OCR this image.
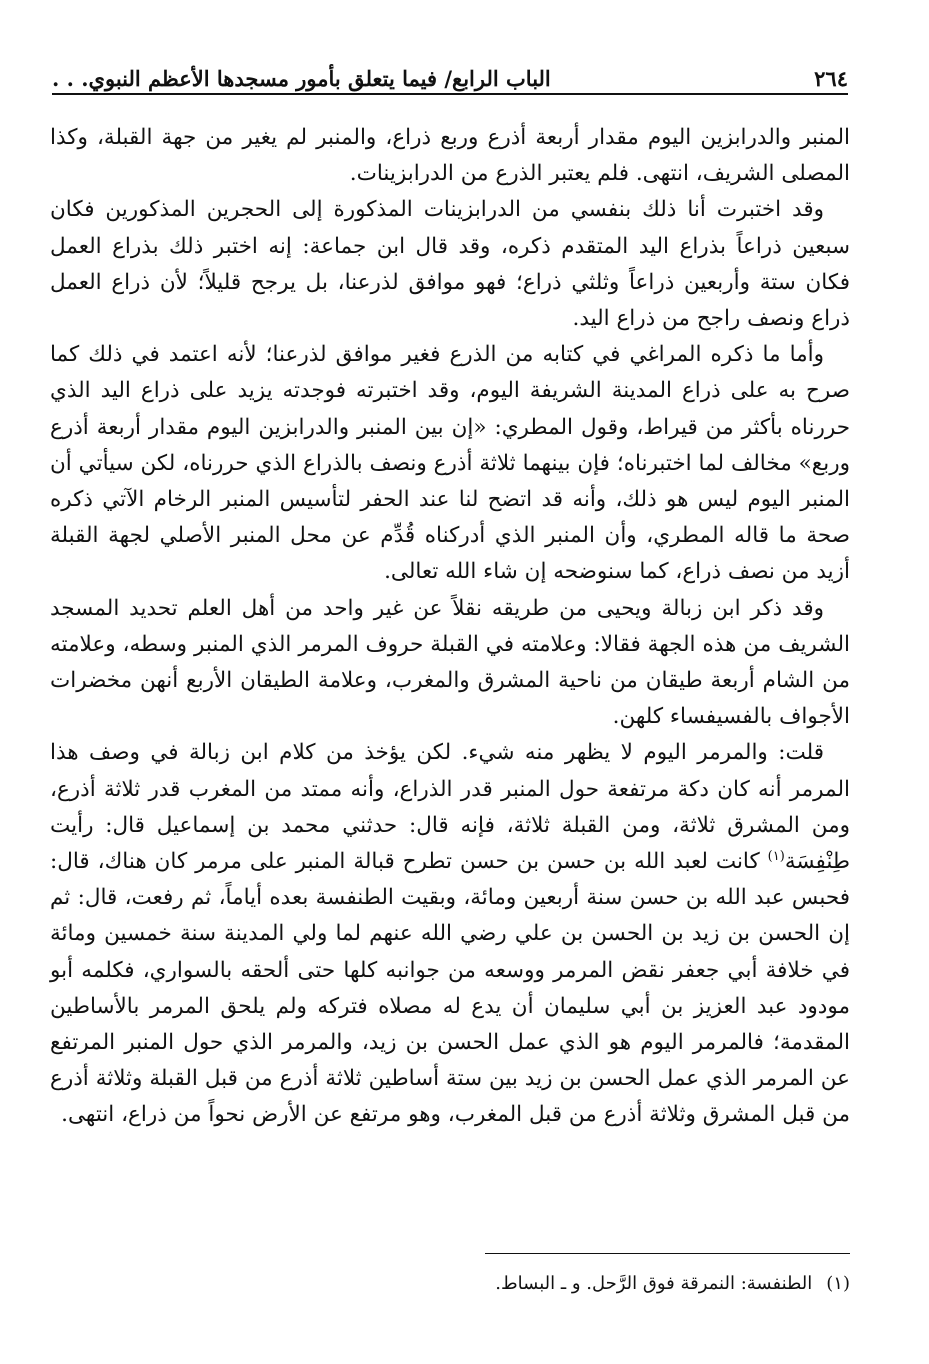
٢٦٤
الباب الرابع/ فيما يتعلق بأمور مسجدها الأعظم النبوي. . .

المنبر والدرابزين اليوم مقدار أربعة أذرع وربع ذراع، والمنبر لم يغير من جهة القبلة، وكذا المصلى الشريف، انتهى. فلم يعتبر الذرع من الدرابزينات.

وقد اختبرت أنا ذلك بنفسي من الدرابزينات المذكورة إلى الحجرين المذكورين فكان سبعين ذراعاً بذراع اليد المتقدم ذكره، وقد قال ابن جماعة: إنه اختبر ذلك بذراع العمل فكان ستة وأربعين ذراعاً وثلثي ذراع؛ فهو موافق لذرعنا، بل يرجح قليلاً؛ لأن ذراع العمل ذراع ونصف راجح من ذراع اليد.

وأما ما ذكره المراغي في كتابه من الذرع فغير موافق لذرعنا؛ لأنه اعتمد في ذلك كما صرح به على ذراع المدينة الشريفة اليوم، وقد اختبرته فوجدته يزيد على ذراع اليد الذي حررناه بأكثر من قيراط، وقول المطري: «إن بين المنبر والدرابزين اليوم مقدار أربعة أذرع وربع» مخالف لما اختبرناه؛ فإن بينهما ثلاثة أذرع ونصف بالذراع الذي حررناه، لكن سيأتي أن المنبر اليوم ليس هو ذلك، وأنه قد اتضح لنا عند الحفر لتأسيس المنبر الرخام الآتي ذكره صحة ما قاله المطري، وأن المنبر الذي أدركناه قُدِّم عن محل المنبر الأصلي لجهة القبلة أزيد من نصف ذراع، كما سنوضحه إن شاء الله تعالى.

وقد ذكر ابن زبالة ويحيى من طريقه نقلاً عن غير واحد من أهل العلم تحديد المسجد الشريف من هذه الجهة فقالا: وعلامته في القبلة حروف المرمر الذي المنبر وسطه، وعلامته من الشام أربعة طيقان من ناحية المشرق والمغرب، وعلامة الطيقان الأربع أنهن مخضرات الأجواف بالفسيفساء كلهن.

قلت: والمرمر اليوم لا يظهر منه شيء. لكن يؤخذ من كلام ابن زبالة في وصف هذا المرمر أنه كان دكة مرتفعة حول المنبر قدر الذراع، وأنه ممتد من المغرب قدر ثلاثة أذرع، ومن المشرق ثلاثة، ومن القبلة ثلاثة، فإنه قال: حدثني محمد بن إسماعيل قال: رأيت طِنْفِسَة$^{(١)}$ كانت لعبد الله بن حسن بن حسن تطرح قبالة المنبر على مرمر كان هناك، قال: فحبس عبد الله بن حسن سنة أربعين ومائة، وبقيت الطنفسة بعده أياماً، ثم رفعت، قال: ثم إن الحسن بن زيد بن الحسن بن علي رضي الله عنهم لما ولي المدينة سنة خمسين ومائة في خلافة أبي جعفر نقض المرمر ووسعه من جوانبه كلها حتى ألحقه بالسواري، فكلمه أبو مودود عبد العزيز بن أبي سليمان أن يدع له مصلاه فتركه ولم يلحق المرمر بالأساطين المقدمة؛ فالمرمر اليوم هو الذي عمل الحسن بن زيد، والمرمر الذي حول المنبر المرتفع عن المرمر الذي عمل الحسن بن زيد بين ستة أساطين ثلاثة أذرع من قبل القبلة وثلاثة أذرع من قبل المشرق وثلاثة أذرع من قبل المغرب، وهو مرتفع عن الأرض نحواً من ذراع، انتهى.

(١)الطنفسة: النمرقة فوق الرَّحل. و ـ البساط.
